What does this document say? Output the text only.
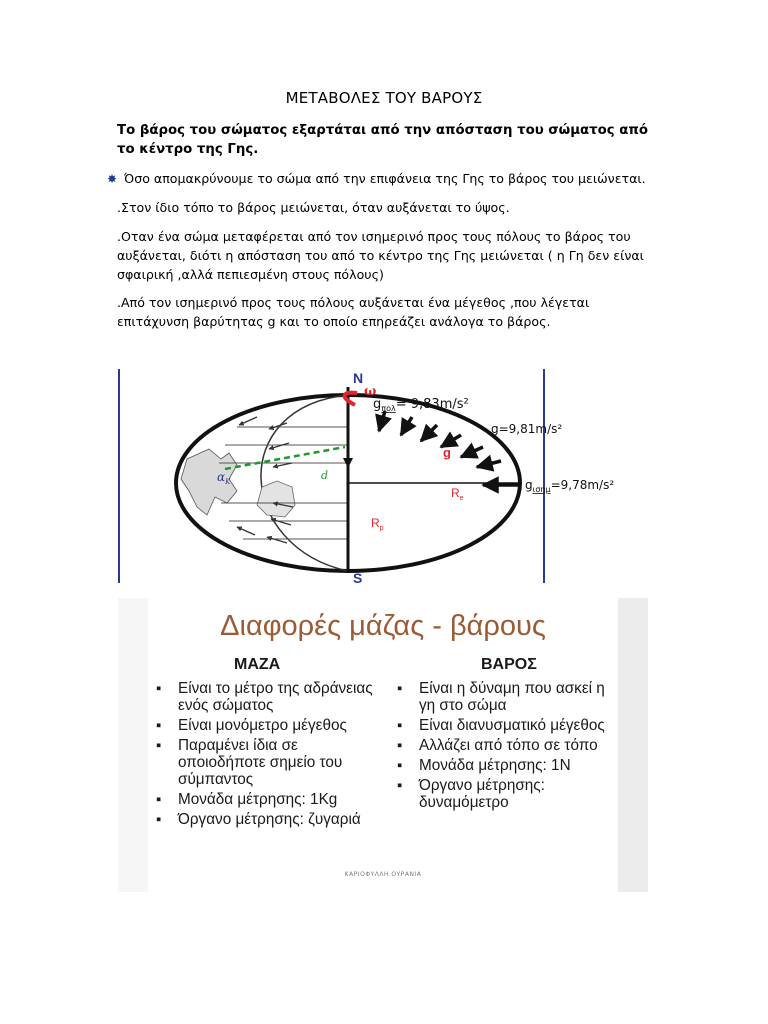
ΜΕΤΑΒΟΛΕΣ ΤΟΥ ΒΑΡΟΥΣ
Το βάρος του σώματος εξαρτάται από την απόσταση του σώματος από το κέντρο της Γης.
✸ Όσο απομακρύνουμε το σώμα από την επιφάνεια της Γης το βάρος του μειώνεται.
.Στον ίδιο τόπο το βάρος μειώνεται, όταν αυξάνεται το ύψος.
.Οταν ένα σώμα μεταφέρεται από τον ισημερινό προς τους πόλους το βάρος του αυξάνεται, διότι η απόσταση του από το κέντρο της Γης μειώνεται ( η Γη δεν είναι σφαιρική ,αλλά πεπιεσμένη στους πόλους)
.Από τον ισημερινό προς τους πόλους αυξάνεται ένα μέγεθος ,που λέγεται επιτάχυνση βαρύτητας g και το οποίο επηρεάζει ανάλογα το βάρος.
N
S
ω
$g_{\pi o\lambda}= 9,83m/s^2$
g=9,81m/s²
g
$g_{\iota\sigma\eta\mu}=9,78m/s^2$
$\alpha_K$	d
$R_e$
$R_p$
Διαφορές μάζας - βάρους
ΜΑΖΑ
▪ Είναι το μέτρο της αδράνειας ενός σώματος
▪ Είναι μονόμετρο μέγεθος
▪ Παραμένει ίδια σε οποιοδήποτε σημείο του σύμπαντος
▪ Μονάδα μέτρησης: 1Kg
▪ Όργανο μέτρησης: ζυγαριά
ΒΑΡΟΣ
▪ Είναι η δύναμη που ασκεί η γη στο σώμα
▪ Είναι διανυσματικό μέγεθος
▪ Αλλάζει από τόπο σε τόπο
▪ Μονάδα μέτρησης: 1Ν
▪ Όργανο μέτρησης: δυναμόμετρο
ΚΑΡΙΟΦΥΛΛΗ ΟΥΡΑΝΙΑ
